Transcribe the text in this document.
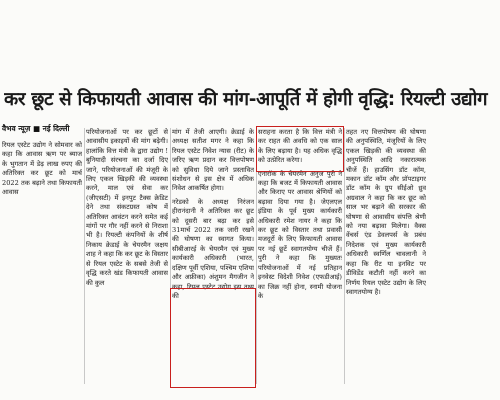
कर छूट से किफायती आवास की मांग-आपूर्ति में होगी वृद्धि: रियल्टी उद्योग
वैभव न्यूज़ ■ नई दिल्ली

रियल एस्टेट उद्योग ने सोमवार को कहा कि आवास ऋण पर ब्याज के भुगतान में डेढ़ लाख रुपए की अतिरिक्त कर छूट को मार्च 2022 तक बढ़ाने तथा किफायती आवास

परियोजनाओं पर कर छूटों से आवासीय इकाइयों की मांग बढ़ेगी। हालांकि वित्त मंत्री के द्वारा उद्योग ! बुनियादी संरचना का दर्जा दिए जाने, परियोजनाओं की मंजूरी के लिए एकल खिड़की की व्यवस्था करने, माल एवं सेवा कर (जीएसटी) में इनपुट टैक्स क्रेडिट देने तथा संकटग्रस्त कोष में अतिरिक्त आवंटन करने समेत कई मांगों पर गौर नहीं करने से निराशा भी है। रियल्टी कंपनियों के शीर्ष निकाय क्रेडाई के चेयरमैन जक्षय शाह ने कहा कि कर छूट के विस्तार से रियल एस्टेट के सबसे तेजी से वृद्धि करते खंड किफायती आवास की कुल

मांग में तेजी आएगी। क्रेडाई के अध्यक्ष सतीश मगर ने कहा कि रियल एस्टेट निवेश न्यास (रीट) के जरिए ऋण प्रदान कर वित्तपोषण को सुविधा दिये जाने प्रस्तावित संशोधन से इस क्षेत्र में अधिक निवेश आकर्षित होगा।

नरेडको के अध्यक्ष निरंजन हीरानंदानी ने अतिरिक्त कर छूट को दूसरी बार बढ़ा कर इसे 31मार्च 2022 तक जारी रखने की घोषणा का स्वागत किया। सीबीआरई के चेयरमैन एवं मुख्य कार्यकारी अधिकारी (भारत, दक्षिण पूर्वी एशिया, पश्चिम एशिया और अफ्रीका) अंशुमन मैगजीन ने कहा, रियल एस्टेट उद्योग इस तथ्य की

सराहना करता है कि वित्त मंत्री ने कर राहत की अवधि को एक साल के लिए बढ़ाया है। यह अधिक वृद्धि को उत्प्रेरित करेगा।

एनारॉक के चेयरमैन अनुज पुरी ने कहा कि बजट में किफायती आवास और किराए पर आवास श्रेणियों को बढ़ावा दिया गया है। जेएलएल इंडिया के पूर्व मुख्य कार्यकारी अधिकारी रमेश नायर ने कहा कि कर छूट को विस्तार तथा प्रवासी मजदूरों के लिए किफायती आवास पर नई छूटें स्वागतयोग्य चीजें हैं। पुरी ने कहा कि मुख्यतः परियोजनाओं में नई प्रतिहान इनवेस्ट विदेशी निवेश (एफडीआई) का जिक्र नहीं होना, स्नामी योजना के

तहत नए वित्तपोषण की घोषणा की अनुपस्थिति, मंजूरियों के लिए एकल खिड़की की व्यवस्था की अनुपस्थिति आदि नकारात्मक चीजें हैं। हाउसिंग डॉट कॉम, मकान डॉट कॉम और प्रॉपटाइगर डॉट कॉम के ग्रुप सीईओ ध्रुव अग्रवाल ने कहा कि कर छूट को साल भर बढ़ाने की सरकार की घोषणा से आवासीय संपत्ति श्रेणी को नया बढ़ावा मिलेगा। वैक्स वेंचर्स एंड डेवलपर्स के प्रबंध निदेशक एवं मुख्य कार्यकारी अधिकारी स्वर्णिल चावलानी ने कहा कि रीट या इनविट पर डीविडेंड कटौती नहीं करने का निर्णय रियल एस्टेट उद्योग के लिए स्वागतयोग्य है।
